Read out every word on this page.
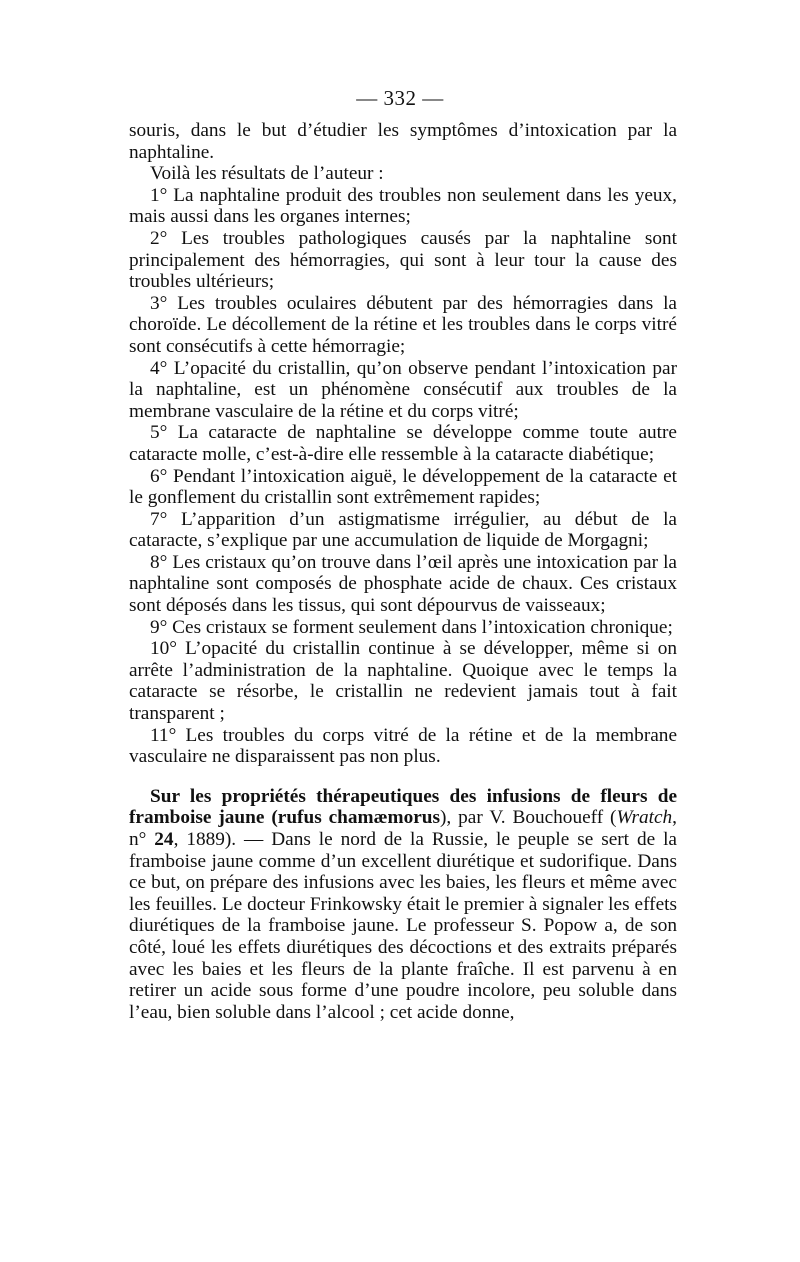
— 332 —

souris, dans le but d’étudier les symptômes d’intoxication par la naphtaline.

Voilà les résultats de l’auteur :

1° La naphtaline produit des troubles non seulement dans les yeux, mais aussi dans les organes internes;

2° Les troubles pathologiques causés par la naphtaline sont principalement des hémorragies, qui sont à leur tour la cause des troubles ultérieurs;

3° Les troubles oculaires débutent par des hémorragies dans la choroïde. Le décollement de la rétine et les troubles dans le corps vitré sont consécutifs à cette hémorragie;

4° L’opacité du cristallin, qu’on observe pendant l’intoxication par la naphtaline, est un phénomène consécutif aux troubles de la membrane vasculaire de la rétine et du corps vitré;

5° La cataracte de naphtaline se développe comme toute autre cataracte molle, c’est-à-dire elle ressemble à la cataracte diabétique;

6° Pendant l’intoxication aiguë, le développement de la cataracte et le gonflement du cristallin sont extrêmement rapides;

7° L’apparition d’un astigmatisme irrégulier, au début de la cataracte, s’explique par une accumulation de liquide de Morgagni;

8° Les cristaux qu’on trouve dans l’œil après une intoxication par la naphtaline sont composés de phosphate acide de chaux. Ces cristaux sont déposés dans les tissus, qui sont dépourvus de vaisseaux;

9° Ces cristaux se forment seulement dans l’intoxication chronique;

10° L’opacité du cristallin continue à se développer, même si on arrête l’administration de la naphtaline. Quoique avec le temps la cataracte se résorbe, le cristallin ne redevient jamais tout à fait transparent ;

11° Les troubles du corps vitré de la rétine et de la membrane vasculaire ne disparaissent pas non plus.

Sur les propriétés thérapeutiques des infusions de fleurs de framboise jaune (rufus chamæmorus), par V. Bouchoueff (Wratch, n° 24, 1889). — Dans le nord de la Russie, le peuple se sert de la framboise jaune comme d’un excellent diurétique et sudorifique. Dans ce but, on prépare des infusions avec les baies, les fleurs et même avec les feuilles. Le docteur Frinkowsky était le premier à signaler les effets diurétiques de la framboise jaune. Le professeur S. Popow a, de son côté, loué les effets diurétiques des décoctions et des extraits préparés avec les baies et les fleurs de la plante fraîche. Il est parvenu à en retirer un acide sous forme d’une poudre incolore, peu soluble dans l’eau, bien soluble dans l’alcool ; cet acide donne,
